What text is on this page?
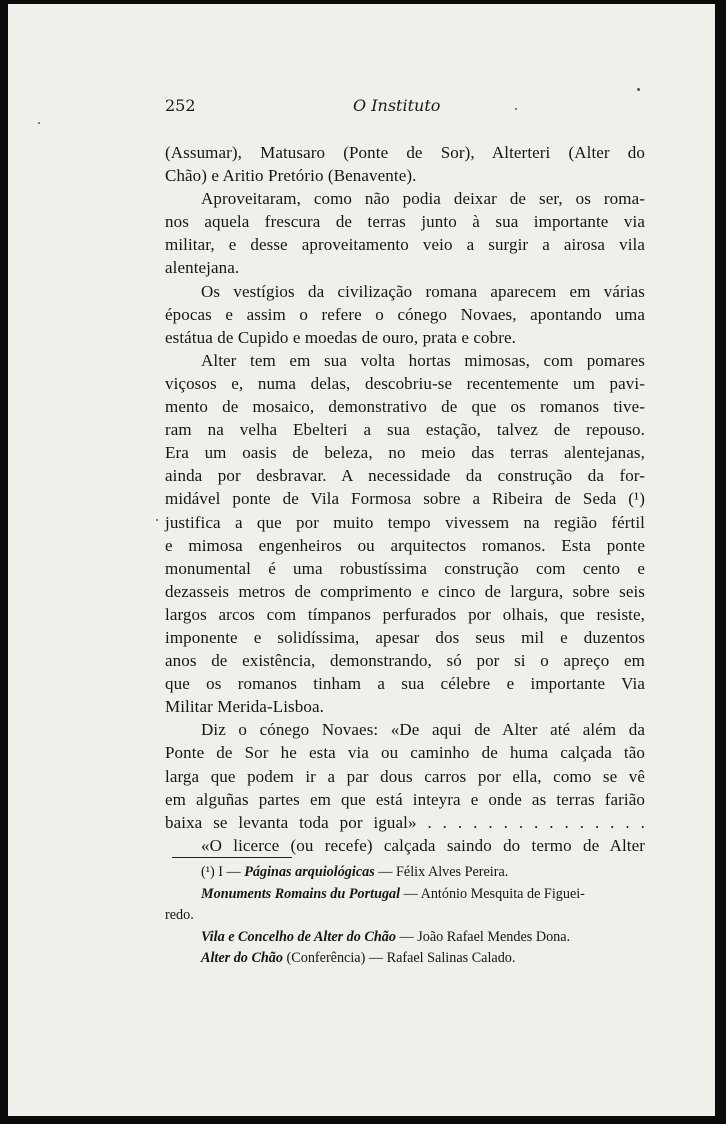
252	O Instituto
(Assumar), Matusaro (Ponte de Sor), Alterteri (Alter do
Chão) e Aritio Pretório (Benavente).
Aproveitaram, como não podia deixar de ser, os roma-
nos aquela frescura de terras junto à sua importante via
militar, e desse aproveitamento veio a surgir a airosa vila
alentejana.
Os vestígios da civilização romana aparecem em várias
épocas e assim o refere o cónego Novaes, apontando uma
estátua de Cupido e moedas de ouro, prata e cobre.
Alter tem em sua volta hortas mimosas, com pomares
viçosos e, numa delas, descobriu-se recentemente um pavi-
mento de mosaico, demonstrativo de que os romanos tive-
ram na velha Ebelteri a sua estação, talvez de repouso.
Era um oasis de beleza, no meio das terras alentejanas,
ainda por desbravar. A necessidade da construção da for-
midável ponte de Vila Formosa sobre a Ribeira de Seda (¹)
justifica a que por muito tempo vivessem na região fértil
e mimosa engenheiros ou arquitectos romanos. Esta ponte
monumental é uma robustíssima construção com cento e
dezasseis metros de comprimento e cinco de largura, sobre seis
largos arcos com tímpanos perfurados por olhais, que resiste,
imponente e solidíssima, apesar dos seus mil e duzentos
anos de existência, demonstrando, só por si o apreço em
que os romanos tinham a sua célebre e importante Via
Militar Merida-Lisboa.
Diz o cónego Novaes: «De aqui de Alter até além da
Ponte de Sor he esta via ou caminho de huma calçada tão
larga que podem ir a par dous carros por ella, como se vê
em alguñas partes em que está inteyra e onde as terras farião
baixa se levanta toda por igual» . . . . . . . . . . . . . . .
«O licerce (ou recefe) calçada saindo do termo de Alter
(¹) I — Páginas arquiológicas — Félix Alves Pereira.
Monuments Romains du Portugal — António Mesquita de Figuei-
redo.
Vila e Concelho de Alter do Chão — João Rafael Mendes Dona.
Alter do Chão (Conferência) — Rafael Salinas Calado.
